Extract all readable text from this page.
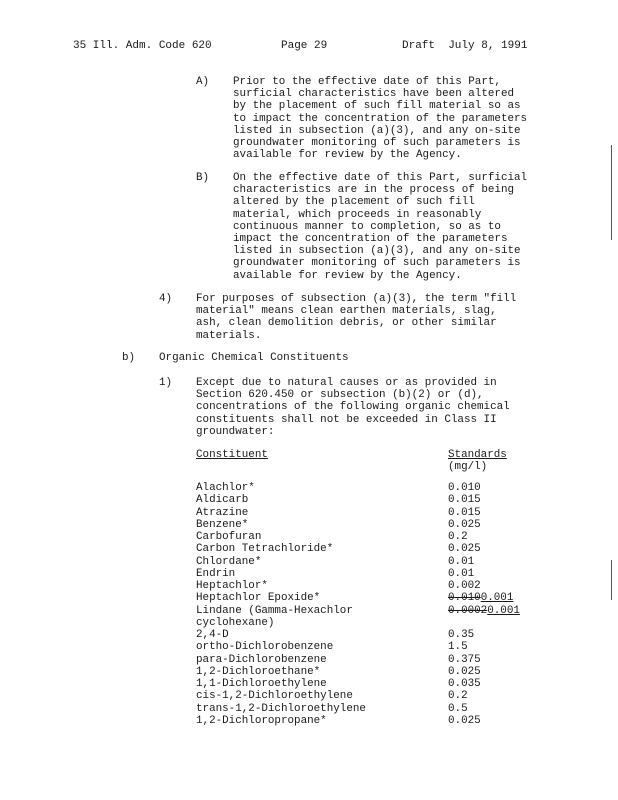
35 Ill. Adm. Code 620	Page 29	Draft  July 8, 1991
A) Prior to the effective date of this Part,
surficial characteristics have been altered
by the placement of such fill material so as
to impact the concentration of the parameters
listed in subsection (a)(3), and any on-site
groundwater monitoring of such parameters is
available for review by the Agency.
B) On the effective date of this Part, surficial
characteristics are in the process of being
altered by the placement of such fill
material, which proceeds in reasonably
continuous manner to completion, so as to
impact the concentration of the parameters
listed in subsection (a)(3), and any on-site
groundwater monitoring of such parameters is
available for review by the Agency.
4) For purposes of subsection (a)(3), the term "fill
material" means clean earthen materials, slag,
ash, clean demolition debris, or other similar
materials.
b) Organic Chemical Constituents
1) Except due to natural causes or as provided in
Section 620.450 or subsection (b)(2) or (d),
concentrations of the following organic chemical
constituents shall not be exceeded in Class II
groundwater:
Constituent	Standards
(mg/l)
Alachlor*	0.010
Aldicarb	0.015
Atrazine	0.015
Benzene*	0.025
Carbofuran	0.2
Carbon Tetrachloride*	0.025
Chlordane*	0.01
Endrin	0.01
Heptachlor*	0.002
Heptachlor Epoxide*	0.0100.001
Lindane (Gamma-Hexachlor	0.00020.001
cyclohexane)
2,4-D	0.35
ortho-Dichlorobenzene	1.5
para-Dichlorobenzene	0.375
1,2-Dichloroethane*	0.025
1,1-Dichloroethylene	0.035
cis-1,2-Dichloroethylene	0.2
trans-1,2-Dichloroethylene	0.5
1,2-Dichloropropane*	0.025
